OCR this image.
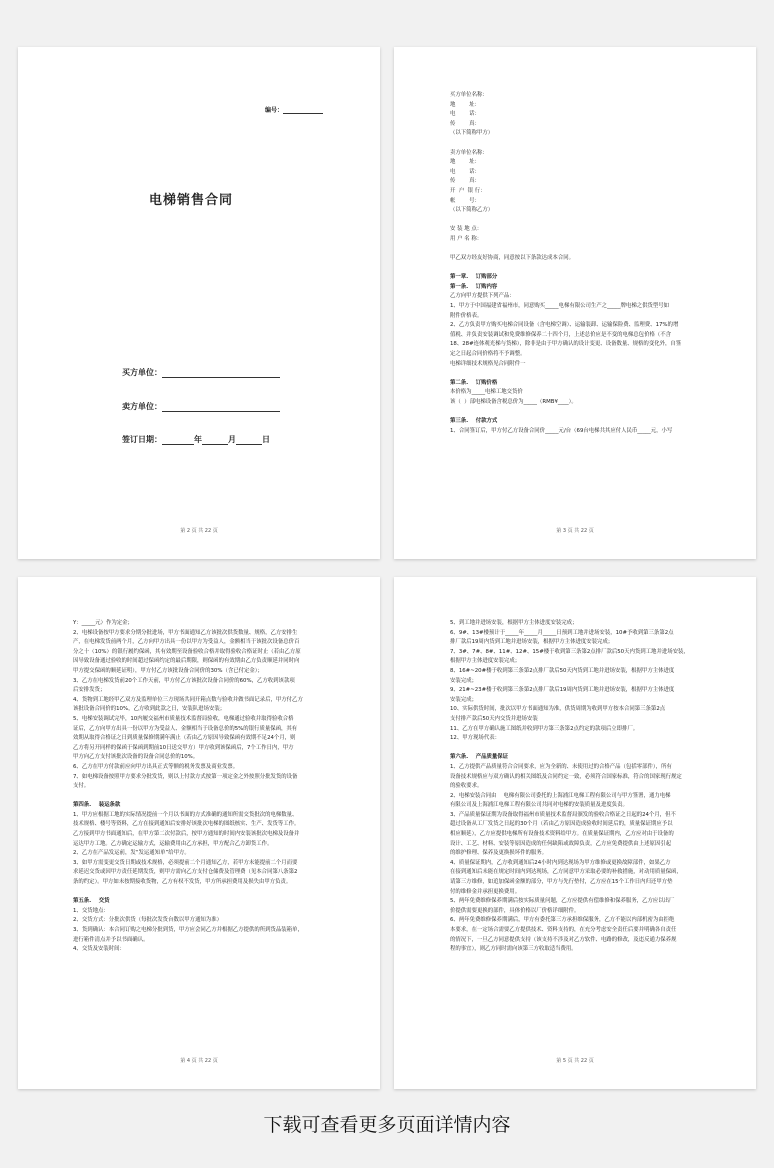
编号：
电梯销售合同
买方单位：
卖方单位：
签订日期：	年	月	日
第 2 页 共 22 页
买方单位名称：
地        址：
电        话：
传        真：
（以下简称甲方）
卖方单位名称：
地        址：
电        话：
传        真：
开  户  银 行：
帐        号：
（以下简称乙方）
安 装 地 点：
用 户 名 称：
甲乙双方经友好协商，同意按以下条款达成本合同。
第一章.    订购部分
第一条.    订购内容
乙方向甲方提供下列产品：
1、甲方于中国福建省福州市，同意购买_____电梯有限公司生产之_____牌电梯之供货型号如
附件价格表。
2、乙方负责甲方购买电梯合同设备（含电梯空调）、运输装卸、运输保险费、监理费、17%的增
值税、并负责安装调试和免费维修保养二十四个月，上述总价应是不变的电梯总包价格（不含
18、28#连体观光梯与货梯），除非是由于甲方确认的设计变更、设备数量、规格的变化外，自签
定之日起合同价格将不予调整。
电梯详细技术规格见合同附件一
第二条.    订购价格
本价格为_____电梯工地交货价
该（  ）部电梯设备含税总价为_____（RMB¥____）。
第三条.    付款方式
1、合同签订后，甲方付乙方设备合同价_____元/台（69台电梯共其应付人民币_____元，小写
第 3 页 共 22 页
Y：_____元）作为定金；
2、电梯设备按甲方要求分期分批进场，甲方书面通知乙方该批次供货数量、规格，乙方安排生
产，在电梯发货前两个月，乙方向甲方出具一份以甲方为受益人，金额相当于该批次设备总价百
分之十（10%）的银行履约保函，其有效期至设备验收合格并取得验收合格证时止（若由乙方原
因导致设备通过验收的时间超过保函约定的最后期限，则保函的有效期由乙方负责顺延并同时向
甲方提交保函的顺延证明），甲方付乙方该批设备合同价的30%（含已付定金）；
3、乙方在电梯发货前20个工作天前，甲方付乙方该批次设备合同价的60%，乙方收到该款项
后安排发货；
4、货物到工地经甲乙双方及监理单位三方现场共同开箱点数与验收并做书面记录后，甲方付乙方
该批设备合同价的10%，乙方收到此款之日，安装队进场安装；
5、电梯安装调试完毕，10内履交福州市质量技术监督局验收，电梯通过验收并取得验收合格
证后，乙方向甲方出具一份以甲方为受益人、金额相当于设备总价的5%的银行质量保函，其有
效期从取得合格证之日到质量保修期满年满止（若由乙方原因导致保函有效期不足24个月，则
乙方将另开同样的保函于保函到期前10日送交甲方）甲方收到该保函后，7个工作日内，甲方
甲方向乙方支付该批次设备的设备合同总价的10%。
6、乙方在甲方付款前应向甲方出具正式等额的税务发票及商业发票。
7、如电梯设备按照甲方要求分批发货，则以上付款方式按第一项定金之外按照分批发货的设备
支付。
第四条.    装运条款
1、甲方应根据工地的实际情况提前一个月以书面的方式准确的通知所需交货批次的电梯数量、
技术规格、楼号等资料，乙方在接到通知后安排好该批次电梯的图纸核实、生产、发货等工作。
乙方接到甲方书面通知后，在甲方第二次付款后，按甲方通知的时间内安装该批次电梯及设备并
运达甲方工地。乙方确定运输方式，运输费用由乙方承担，甲方配合乙方卸货工作。
2、乙方在产品发运前，发“发运通知单”给甲方。
3、如甲方需变更交货日期或技术规格，必须提前二个月通知乙方，若甲方未能提前二个月而要
求延迟交货或因甲方责任延期发货，则甲方需向乙方支付仓储费及管理费（见本合同第八条第2
条的约定）。甲方如未按期接收货物，乙方有权不发货，甲方所承担费用及损失由甲方负责。
第五条.    交货
1、交货地点：
2、交货方式：分批次供货（每批次发货台数以甲方通知为准）
3、货到确认：本合同订购之电梯分批到货，甲方应会同乙方并根据乙方提供的所到货品装箱单，
进行箱件清点并予以书面确认。
4、交货及安装时间：
第 4 页 共 22 页
5、到工地并进场安装，根据甲方主体进度安装完成；
6、9#、13#楼预计于_____年_____月_____日预到工地并进场安装，10#予收到第三条第2点
排厂款后19周内货到工地并进场安装，根据甲方主体进度安装完成；
7、3#、7#、8#、11#、12#、15#楼于收到第三条第2点排厂款后50天内货到工地并进场安装，
根据甲方主体进度安装完成；
8、16#~20#楼于收到第三条第2点排厂款后50天内货到工地并进场安装，根据甲方主体进度
安装完成；
9、21#~23#楼于收到第三条第2点排厂款后19周内货到工地并进场安装，根据甲方主体进度
安装完成；
10、实际供货时间，批次以甲方书面通知为准，供货周期为收到甲方按本合同第三条第2点
支付排产款后50天内交货并进场安装
11、乙方在甲方确认施工图纸并收到甲方第三条第2点约定的款项后立即排厂。
12、甲方现场代表：
第六条.    产品质量保证
1、乙方提供产品质量符合合同要求，应为全新的、未使用过的合格产品（包括零部件），所有
设备技术规格应与双方确认的相关图纸及合同约定一致，必须符合国家标准，符合的国家现行规定
的验收要求。
2、电梯安装合同由    电梯有限公司委托的上海浦江电梯工程有限公司与甲方签署，通力电梯
有限公司及上海浦江电梯工程有限公司共同对电梯的安装质量及进度负责。
3、产品质量保证期为设备取得福州市质量技术监督局颁发的验收合格证之日起的24个月，但不
超过设备从工厂发货之日起的30个月（若由乙方原因造成验收时间延后的，质量保证期应予以
相应顺延），乙方应提供电梯所有设备技术资料给甲方。在质量保证期内，乙方应对由于设备的
设计、工艺、材料、安装等原因造成的任何缺陷或故障负责，乙方应免费提供由上述原因引起
的维护修理、保养及更换损坏件的服务。
4、质量保证期内，乙方收到通知后24小时内到达现场为甲方维修或更换故障部件，如果乙方
在接到通知后未能在规定时间内到达现场，乙方同意甲方采取必要的补救措施，对动用质量保函，
请第三方维修，如追加保函金额的部分，甲方与先行垫付，乙方应在15个工作日内归还甲方垫
付的维修金并承担更换费用。
5、两年免费维修保养期满后按实际质量问题，乙方应提供有偿维修和保养服务，乙方应以出厂
价提供需要更换的部件，具体价格以厂价格详细附件。
6、两年免费维修保养期满后，甲方有委托第三方承担维保服务，乙方不能以内部机密为由拒绝
本要求，在一定场合需要乙方提供技术、资料支持的，在充分考虑安全责任后要并明确各自责任
的情况下，一旦乙方同意提供支持（该支持不涉及对乙方软件、电路的修改，及违反通力保养规
程的事宜），则乙方同时需向该第三方收取适当费用。
第 5 页 共 22 页
下载可查看更多页面详情内容
